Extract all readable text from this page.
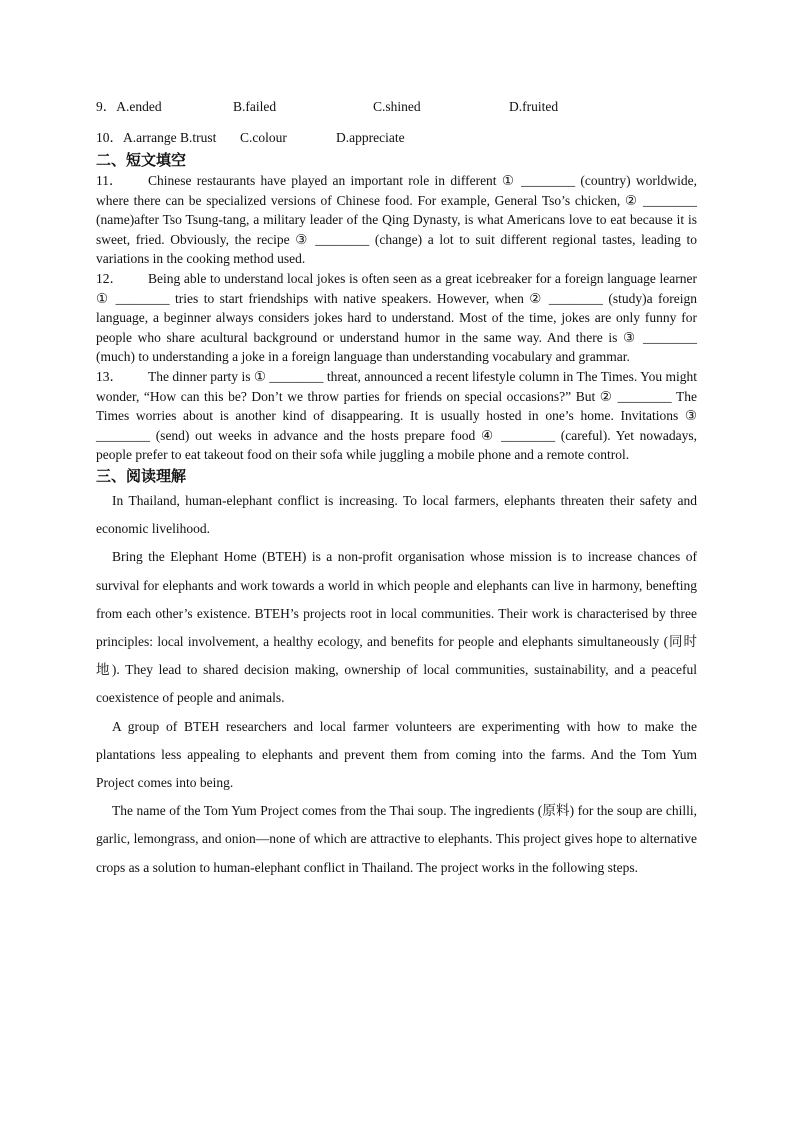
9．A.ended	B.failed	C.shined	D.fruited
10．A.arrange B.trust	C.colour	D.appreciate
二、短文填空

11． Chinese restaurants have played an important role in different ① ________ (country) worldwide, where there can be specialized versions of Chinese food. For example, General Tso’s chicken, ② ________ (name)after Tso Tsung-tang, a military leader of the Qing Dynasty, is what Americans love to eat because it is sweet, fried. Obviously, the recipe ③ ________ (change) a lot to suit different regional tastes, leading to variations in the cooking method used.

12． Being able to understand local jokes is often seen as a great icebreaker for a foreign language learner ① ________ tries to start friendships with native speakers. However, when ② ________ (study)a foreign language, a beginner always considers jokes hard to understand. Most of the time, jokes are only funny for people who share acultural background or understand humor in the same way. And there is ③ ________ (much) to understanding a joke in a foreign language than understanding vocabulary and grammar.

13． The dinner party is ① ________ threat, announced a recent lifestyle column in The Times. You might wonder, “How can this be? Don’t we throw parties for friends on special occasions?” But ② ________ The Times worries about is another kind of disappearing. It is usually hosted in one’s home. Invitations ③ ________ (send) out weeks in advance and the hosts prepare food ④ ________ (careful). Yet nowadays, people prefer to eat takeout food on their sofa while juggling a mobile phone and a remote control.

三、阅读理解

In Thailand, human-elephant conflict is increasing. To local farmers, elephants threaten their safety and economic livelihood.

Bring the Elephant Home (BTEH) is a non-profit organisation whose mission is to increase chances of survival for elephants and work towards a world in which people and elephants can live in harmony, benefting from each other’s existence. BTEH’s projects root in local communities. Their work is characterised by three principles: local involvement, a healthy ecology, and benefits for people and elephants simultaneously (同时地). They lead to shared decision making, ownership of local communities, sustainability, and a peaceful coexistence of people and animals.

A group of BTEH researchers and local farmer volunteers are experimenting with how to make the plantations less appealing to elephants and prevent them from coming into the farms. And the Tom Yum Project comes into being.

The name of the Tom Yum Project comes from the Thai soup. The ingredients (原料) for the soup are chilli, garlic, lemongrass, and onion—none of which are attractive to elephants. This project gives hope to alternative crops as a solution to human-elephant conflict in Thailand. The project works in the following steps.
